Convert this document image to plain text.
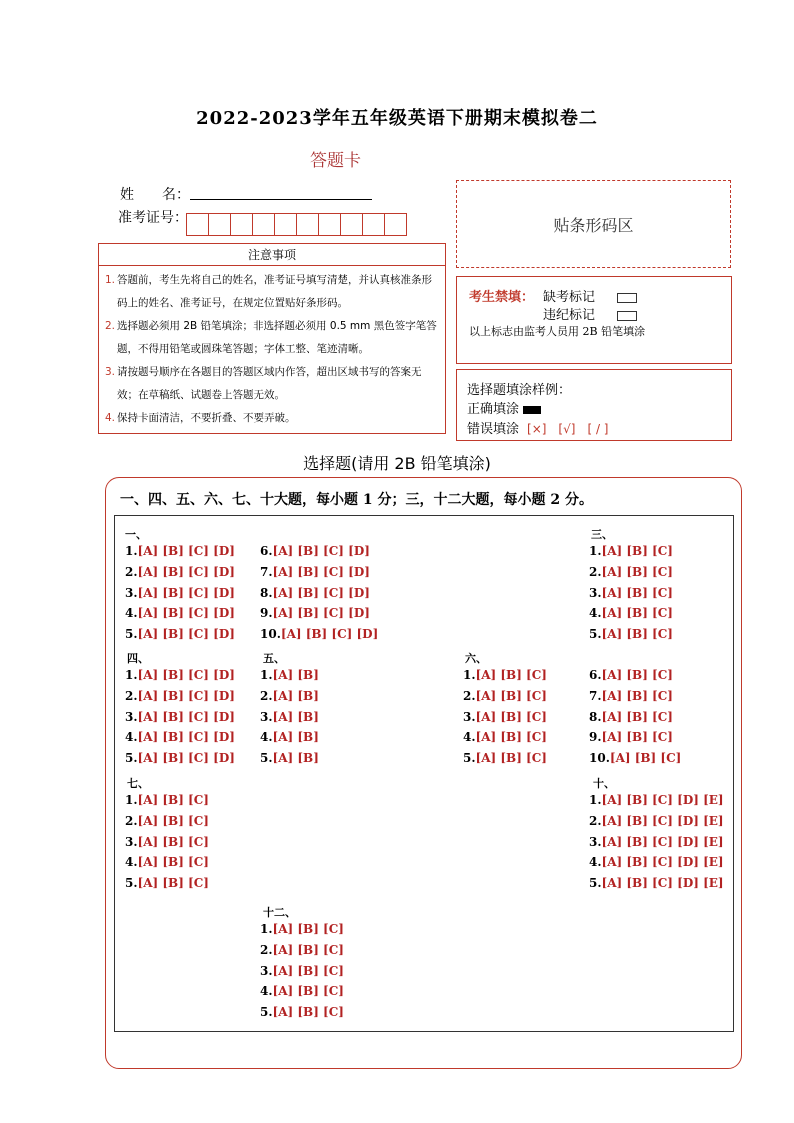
2022-2023学年五年级英语下册期末模拟卷二
答题卡
姓　　名：
准考证号：	贴条形码区
注意事项
1. 答题前，考生先将自己的姓名，准考证号填写清楚，并认真核准条形码上的姓名、准考证号，在规定位置贴好条形码。
2. 选择题必须用 2B 铅笔填涂；非选择题必须用 0.5 mm 黑色签字笔答题，不得用铅笔或圆珠笔答题；字体工整、笔迹清晰。
3. 请按题号顺序在各题目的答题区域内作答，超出区域书写的答案无效；在草稿纸、试题卷上答题无效。
4. 保持卡面清洁，不要折叠、不要弄破。
考生禁填： 缺考标记
违纪标记
以上标志由监考人员用 2B 铅笔填涂
选择题填涂样例：
正确填涂
错误填涂 [×]　[√]　[ / ]
选择题(请用 2B 铅笔填涂)
一、四、五、六、七、十大题，每小题 1 分；三，十二大题，每小题 2 分。
一、
1.[A] [B] [C] [D]
2.[A] [B] [C] [D]
3.[A] [B] [C] [D]
4.[A] [B] [C] [D]
5.[A] [B] [C] [D]
6.[A] [B] [C] [D]
7.[A] [B] [C] [D]
8.[A] [B] [C] [D]
9.[A] [B] [C] [D]
10.[A] [B] [C] [D]
三、
1.[A] [B] [C]
2.[A] [B] [C]
3.[A] [B] [C]
4.[A] [B] [C]
5.[A] [B] [C]
四、
1.[A] [B] [C] [D]
2.[A] [B] [C] [D]
3.[A] [B] [C] [D]
4.[A] [B] [C] [D]
5.[A] [B] [C] [D]
五、
1.[A] [B]
2.[A] [B]
3.[A] [B]
4.[A] [B]
5.[A] [B]
六、
1.[A] [B] [C]
2.[A] [B] [C]
3.[A] [B] [C]
4.[A] [B] [C]
5.[A] [B] [C]
6.[A] [B] [C]
7.[A] [B] [C]
8.[A] [B] [C]
9.[A] [B] [C]
10.[A] [B] [C]
七、
1.[A] [B] [C]
2.[A] [B] [C]
3.[A] [B] [C]
4.[A] [B] [C]
5.[A] [B] [C]
十、
1.[A] [B] [C] [D] [E]
2.[A] [B] [C] [D] [E]
3.[A] [B] [C] [D] [E]
4.[A] [B] [C] [D] [E]
5.[A] [B] [C] [D] [E]
十二、
1.[A] [B] [C]
2.[A] [B] [C]
3.[A] [B] [C]
4.[A] [B] [C]
5.[A] [B] [C]
